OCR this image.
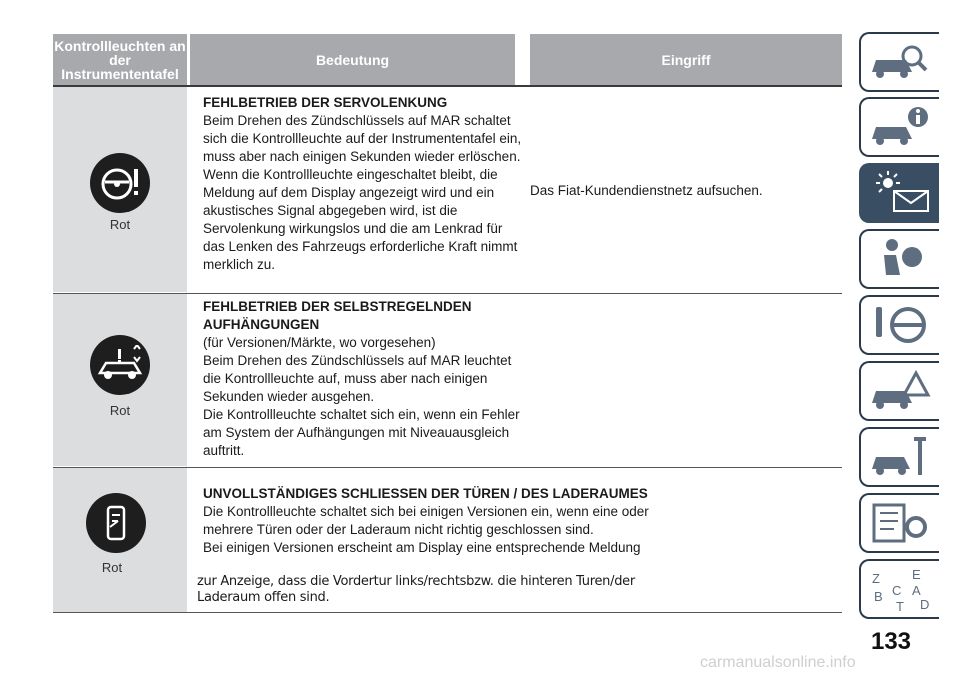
Kontrollleuchten an der Instrumententafel
Bedeutung	Eingriff
Rot
FEHLBETRIEB DER SERVOLENKUNG

Beim Drehen des Zündschlüssels auf MAR schaltet sich die Kontrollleuchte auf der Instrumententafel ein, muss aber nach einigen Sekunden wieder erlöschen.

Wenn die Kontrollleuchte eingeschaltet bleibt, die Meldung auf dem Display angezeigt wird und ein akustisches Signal abgegeben wird, ist die Servolenkung wirkungslos und die am Lenkrad für das Lenken des Fahrzeugs erforderliche Kraft nimmt merklich zu.

Das Fiat-Kundendienstnetz aufsuchen.
Rot
FEHLBETRIEB DER SELBSTREGELNDEN AUFHÄNGUNGEN

(für Versionen/Märkte, wo vorgesehen)

Beim Drehen des Zündschlüssels auf MAR leuchtet die Kontrollleuchte auf, muss aber nach einigen Sekunden wieder ausgehen.

Die Kontrollleuchte schaltet sich ein, wenn ein Fehler am System der Aufhängungen mit Niveauausgleich auftritt.

Rot
UNVOLLSTÄNDIGES SCHLIESSEN DER TÜREN / DES LADERAUMES

Die Kontrollleuchte schaltet sich bei einigen Versionen ein, wenn eine oder mehrere Türen oder der Laderaum nicht richtig geschlossen sind.

Bei einigen Versionen erscheint am Display eine entsprechende Meldung

zur Anzeige, dass die Vordertur links/rechtsbzw. die hinteren Turen/der
Laderaum offen sind.
Z E
B A
C
T D
133
carmanualsonline.info
